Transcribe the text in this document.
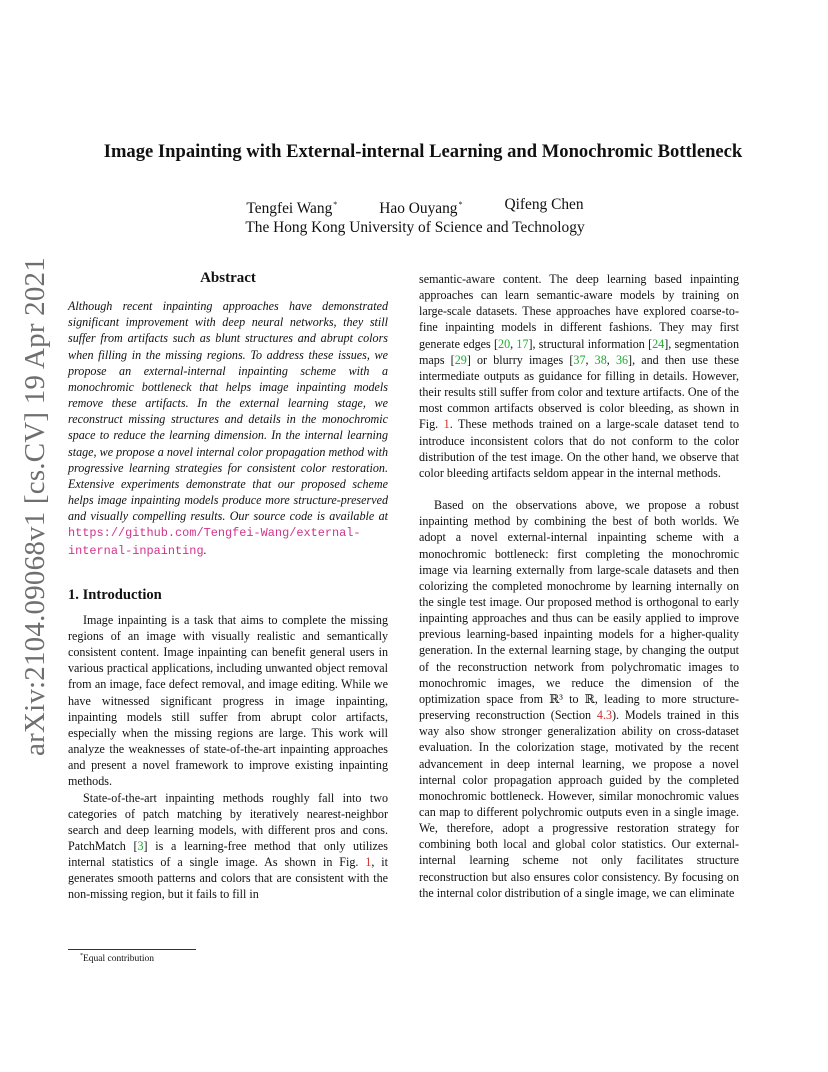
arXiv:2104.09068v1 [cs.CV] 19 Apr 2021
Image Inpainting with External-internal Learning and Monochromic Bottleneck
Tengfei Wang*	Hao Ouyang*	Qifeng Chen
The Hong Kong University of Science and Technology
Abstract
Although recent inpainting approaches have demonstrated significant improvement with deep neural networks, they still suffer from artifacts such as blunt structures and abrupt colors when filling in the missing regions. To address these issues, we propose an external-internal inpainting scheme with a monochromic bottleneck that helps image inpainting models remove these artifacts. In the external learning stage, we reconstruct missing structures and details in the monochromic space to reduce the learning dimension. In the internal learning stage, we propose a novel internal color propagation method with progressive learning strategies for consistent color restoration. Extensive experiments demonstrate that our proposed scheme helps image inpainting models produce more structure-preserved and visually compelling results. Our source code is available at https://github.com/Tengfei-Wang/external-internal-inpainting.
1. Introduction

Image inpainting is a task that aims to complete the missing regions of an image with visually realistic and semantically consistent content. Image inpainting can benefit general users in various practical applications, including unwanted object removal from an image, face defect removal, and image editing. While we have witnessed significant progress in image inpainting, inpainting models still suffer from abrupt color artifacts, especially when the missing regions are large. This work will analyze the weaknesses of state-of-the-art inpainting approaches and present a novel framework to improve existing inpainting methods.

State-of-the-art inpainting methods roughly fall into two categories of patch matching by iteratively nearest-neighbor search and deep learning models, with different pros and cons. PatchMatch [3] is a learning-free method that only utilizes internal statistics of a single image. As shown in Fig. 1, it generates smooth patterns and colors that are consistent with the non-missing region, but it fails to fill in

semantic-aware content. The deep learning based inpainting approaches can learn semantic-aware models by training on large-scale datasets. These approaches have explored coarse-to-fine inpainting models in different fashions. They may first generate edges [20, 17], structural information [24], segmentation maps [29] or blurry images [37, 38, 36], and then use these intermediate outputs as guidance for filling in details. However, their results still suffer from color and texture artifacts. One of the most common artifacts observed is color bleeding, as shown in Fig. 1. These methods trained on a large-scale dataset tend to introduce inconsistent colors that do not conform to the color distribution of the test image. On the other hand, we observe that color bleeding artifacts seldom appear in the internal methods.

Based on the observations above, we propose a robust inpainting method by combining the best of both worlds. We adopt a novel external-internal inpainting scheme with a monochromic bottleneck: first completing the monochromic image via learning externally from large-scale datasets and then colorizing the completed monochrome by learning internally on the single test image. Our proposed method is orthogonal to early inpainting approaches and thus can be easily applied to improve previous learning-based inpainting models for a higher-quality generation. In the external learning stage, by changing the output of the reconstruction network from polychromatic images to monochromic images, we reduce the dimension of the optimization space from ℝ³ to ℝ, leading to more structure-preserving reconstruction (Section 4.3). Models trained in this way also show stronger generalization ability on cross-dataset evaluation. In the colorization stage, motivated by the recent advancement in deep internal learning, we propose a novel internal color propagation approach guided by the completed monochromic bottleneck. However, similar monochromic values can map to different polychromic outputs even in a single image. We, therefore, adopt a progressive restoration strategy for combining both local and global color statistics. Our external-internal learning scheme not only facilitates structure reconstruction but also ensures color consistency. By focusing on the internal color distribution of a single image, we can eliminate

*Equal contribution
